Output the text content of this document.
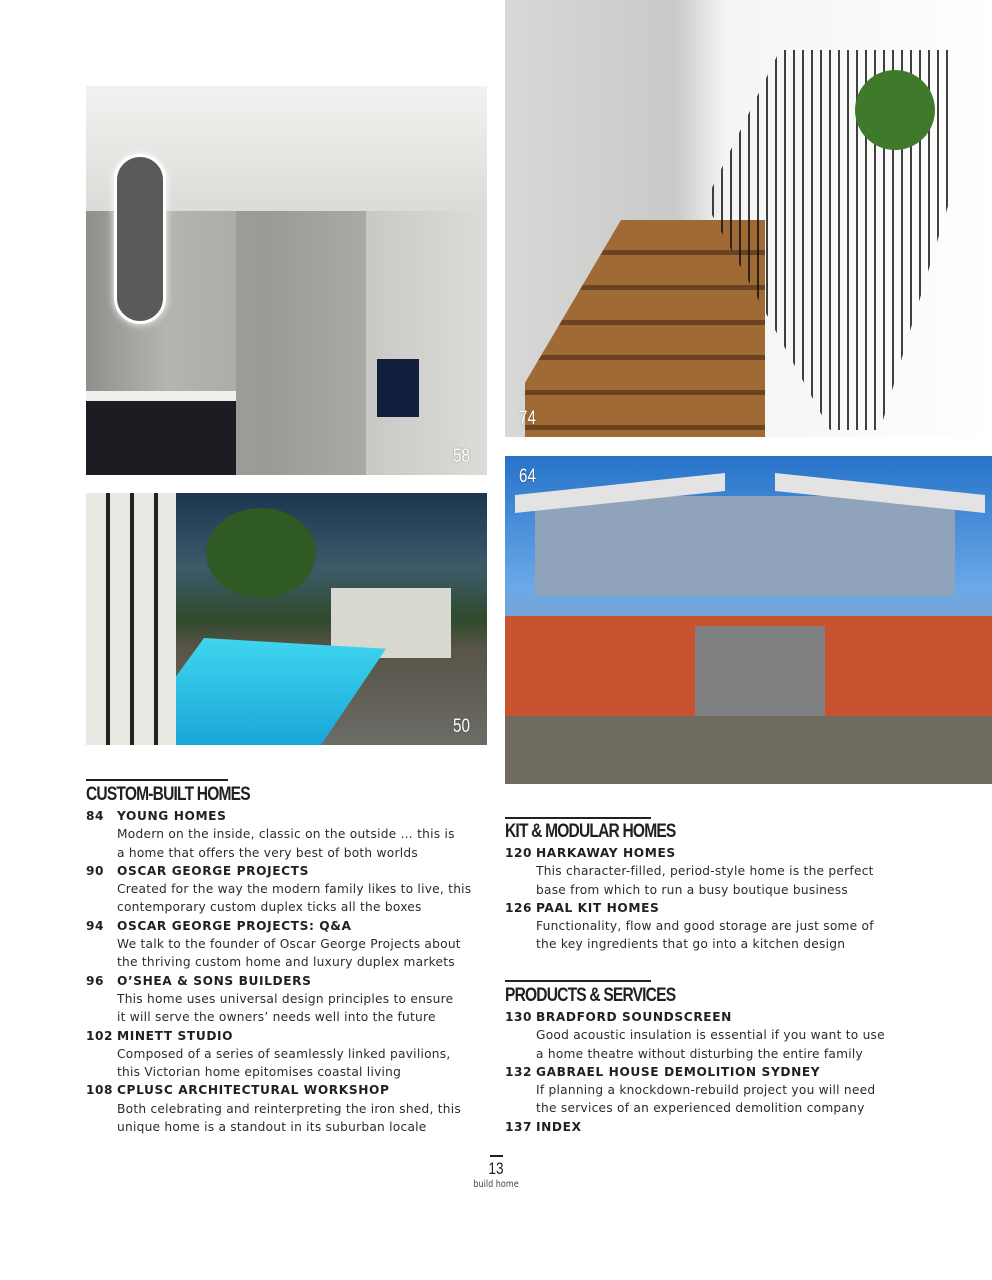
58
50
74
64
CUSTOM-BUILT HOMES
84 YOUNG HOMES
Modern on the inside, classic on the outside … this is
a home that offers the very best of both worlds
90 OSCAR GEORGE PROJECTS
Created for the way the modern family likes to live, this
contemporary custom duplex ticks all the boxes
94 OSCAR GEORGE PROJECTS: Q&A
We talk to the founder of Oscar George Projects about
the thriving custom home and luxury duplex markets
96 O’SHEA & SONS BUILDERS
This home uses universal design principles to ensure
it will serve the owners’ needs well into the future
102 MINETT STUDIO
Composed of a series of seamlessly linked pavilions,
this Victorian home epitomises coastal living
108 CPLUSC ARCHITECTURAL WORKSHOP
Both celebrating and reinterpreting the iron shed, this
unique home is a standout in its suburban locale
KIT & MODULAR HOMES
120 HARKAWAY HOMES
This character-filled, period-style home is the perfect
base from which to run a busy boutique business
126 PAAL KIT HOMES
Functionality, flow and good storage are just some of
the key ingredients that go into a kitchen design
PRODUCTS & SERVICES
130 BRADFORD SOUNDSCREEN
Good acoustic insulation is essential if you want to use
a home theatre without disturbing the entire family
132 GABRAEL HOUSE DEMOLITION SYDNEY
If planning a knockdown-rebuild project you will need
the services of an experienced demolition company
137 INDEX
13
build home
